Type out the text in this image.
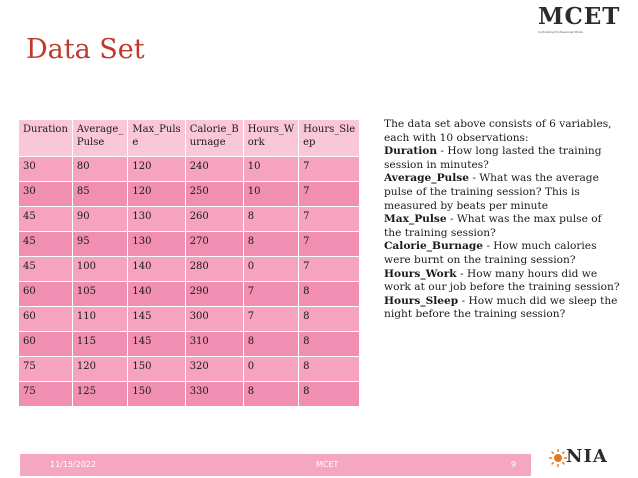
Data Set
MCET
Cultivating Professional Minds
Duration	Average_ Pulse	Max_Puls e	Calorie_B urnage	Hours_W ork	Hours_Sle ep
30	80	120	240	10	7
30	85	120	250	10	7
45	90	130	260	8	7
45	95	130	270	8	7
45	100	140	280	0	7
60	105	140	290	7	8
60	110	145	300	7	8
60	115	145	310	8	8
75	120	150	320	0	8
75	125	150	330	8	8

The data set above consists of 6 variables, each with 10 observations:

Duration - How long lasted the training session in minutes?

Average_Pulse - What was the average pulse of the training session? This is measured by beats per minute

Max_Pulse - What was the max pulse of the training session?

Calorie_Burnage - How much calories were burnt on the training session?

Hours_Work - How many hours did we work at our job before the training session?

Hours_Sleep - How much did we sleep the night before the training session?

11/15/2022	MCET	9	NIA
